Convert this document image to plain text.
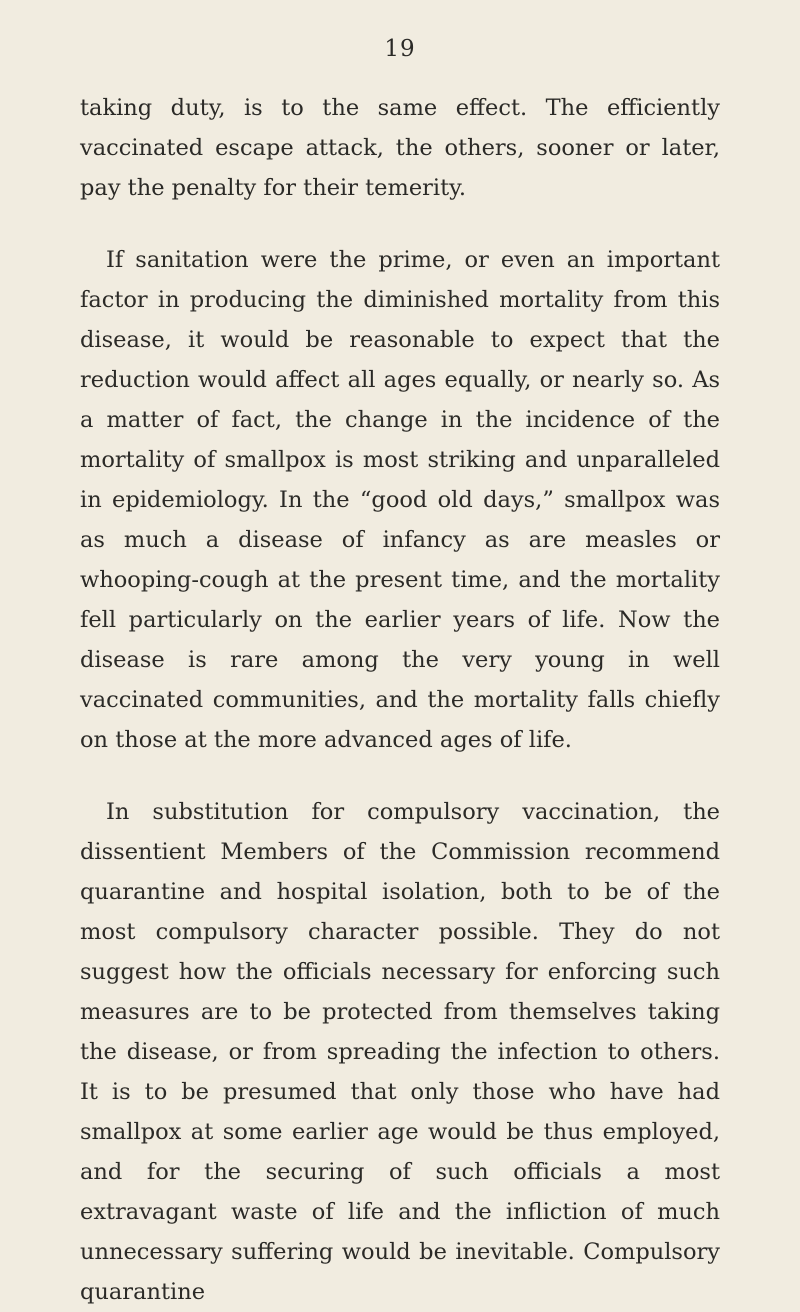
19

taking duty, is to the same effect. The efficiently vaccinated escape attack, the others, sooner or later, pay the penalty for their temerity.

If sanitation were the prime, or even an important factor in producing the diminished mortality from this disease, it would be reasonable to expect that the reduction would affect all ages equally, or nearly so. As a matter of fact, the change in the incidence of the mortality of smallpox is most striking and unparalleled in epidemiology. In the “good old days,” smallpox was as much a disease of infancy as are measles or whooping-cough at the present time, and the mortality fell particularly on the earlier years of life. Now the disease is rare among the very young in well vaccinated communities, and the mortality falls chiefly on those at the more advanced ages of life.

In substitution for compulsory vaccination, the dissentient Members of the Commission recommend quarantine and hospital isolation, both to be of the most compulsory character possible. They do not suggest how the officials necessary for enforcing such measures are to be protected from themselves taking the disease, or from spreading the infection to others. It is to be presumed that only those who have had smallpox at some earlier age would be thus employed, and for the securing of such officials a most extravagant waste of life and the infliction of much unnecessary suffering would be inevitable. Compulsory quarantine
